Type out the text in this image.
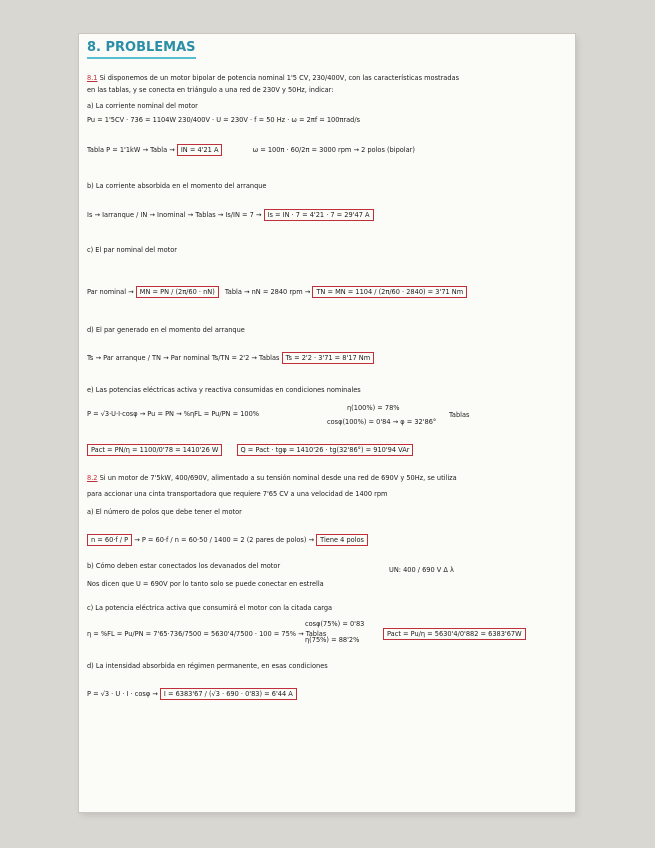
8. PROBLEMAS
8.1 Si disponemos de un motor bipolar de potencia nominal 1'5 CV, 230/400V, con las características mostradas
en las tablas, y se conecta en triángulo a una red de 230V y 50Hz, indicar:
a) La corriente nominal del motor
Pu = 1'5CV · 736 = 1104W 230/400V · U = 230V · f = 50 Hz · ω = 2πf = 100πrad/s
Tabla P = 1'1kW → Tabla → IN = 4'21 A	ω = 100π · 60/2π = 3000 rpm → 2 polos (bipolar)
b) La corriente absorbida en el momento del arranque
Is → Iarranque / IN → Inominal → Tablas → Is/IN = 7 → Is = IN · 7 = 4'21 · 7 = 29'47 A
c) El par nominal del motor
Par nominal → MN = PN / (2π/60 · nN) Tabla → nN = 2840 rpm → TN = MN = 1104 / (2π/60 · 2840) = 3'71 Nm
d) El par generado en el momento del arranque
Ts → Par arranque / TN → Par nominal Ts/TN = 2'2 → Tablas Ts = 2'2 · 3'71 = 8'17 Nm
e) Las potencias eléctricas activa y reactiva consumidas en condiciones nominales
P = √3·U·I·cosφ → Pu = PN → %ηFL = Pu/PN = 100%
η(100%) = 78%
cosφ(100%) = 0'84 → φ = 32'86°
Tablas
Pact = PN/η = 1100/0'78 = 1410'26 W	Q = Pact · tgφ = 1410'26 · tg(32'86°) = 910'94 VAr
8.2 Si un motor de 7'5kW, 400/690V, alimentado a su tensión nominal desde una red de 690V y 50Hz, se utiliza
para accionar una cinta transportadora que requiere 7'65 CV a una velocidad de 1400 rpm
a) El número de polos que debe tener el motor
n = 60·f / P → P = 60·f / n = 60·50 / 1400 = 2 (2 pares de polos) → Tiene 4 polos
b) Cómo deben estar conectados los devanados del motor	UN: 400 / 690 V Δ λ
Nos dicen que U = 690V por lo tanto solo se puede conectar en estrella
c) La potencia eléctrica activa que consumirá el motor con la citada carga
η = %FL = Pu/PN = 7'65·736/7500 = 5630'4/7500 · 100 = 75% → Tablas
cosφ(75%) = 0'83
η(75%) = 88'2%
Pact = Pu/η = 5630'4/0'882 = 6383'67W
d) La intensidad absorbida en régimen permanente, en esas condiciones
P = √3 · U · I · cosφ → I = 6383'67 / (√3 · 690 · 0'83) = 6'44 A
